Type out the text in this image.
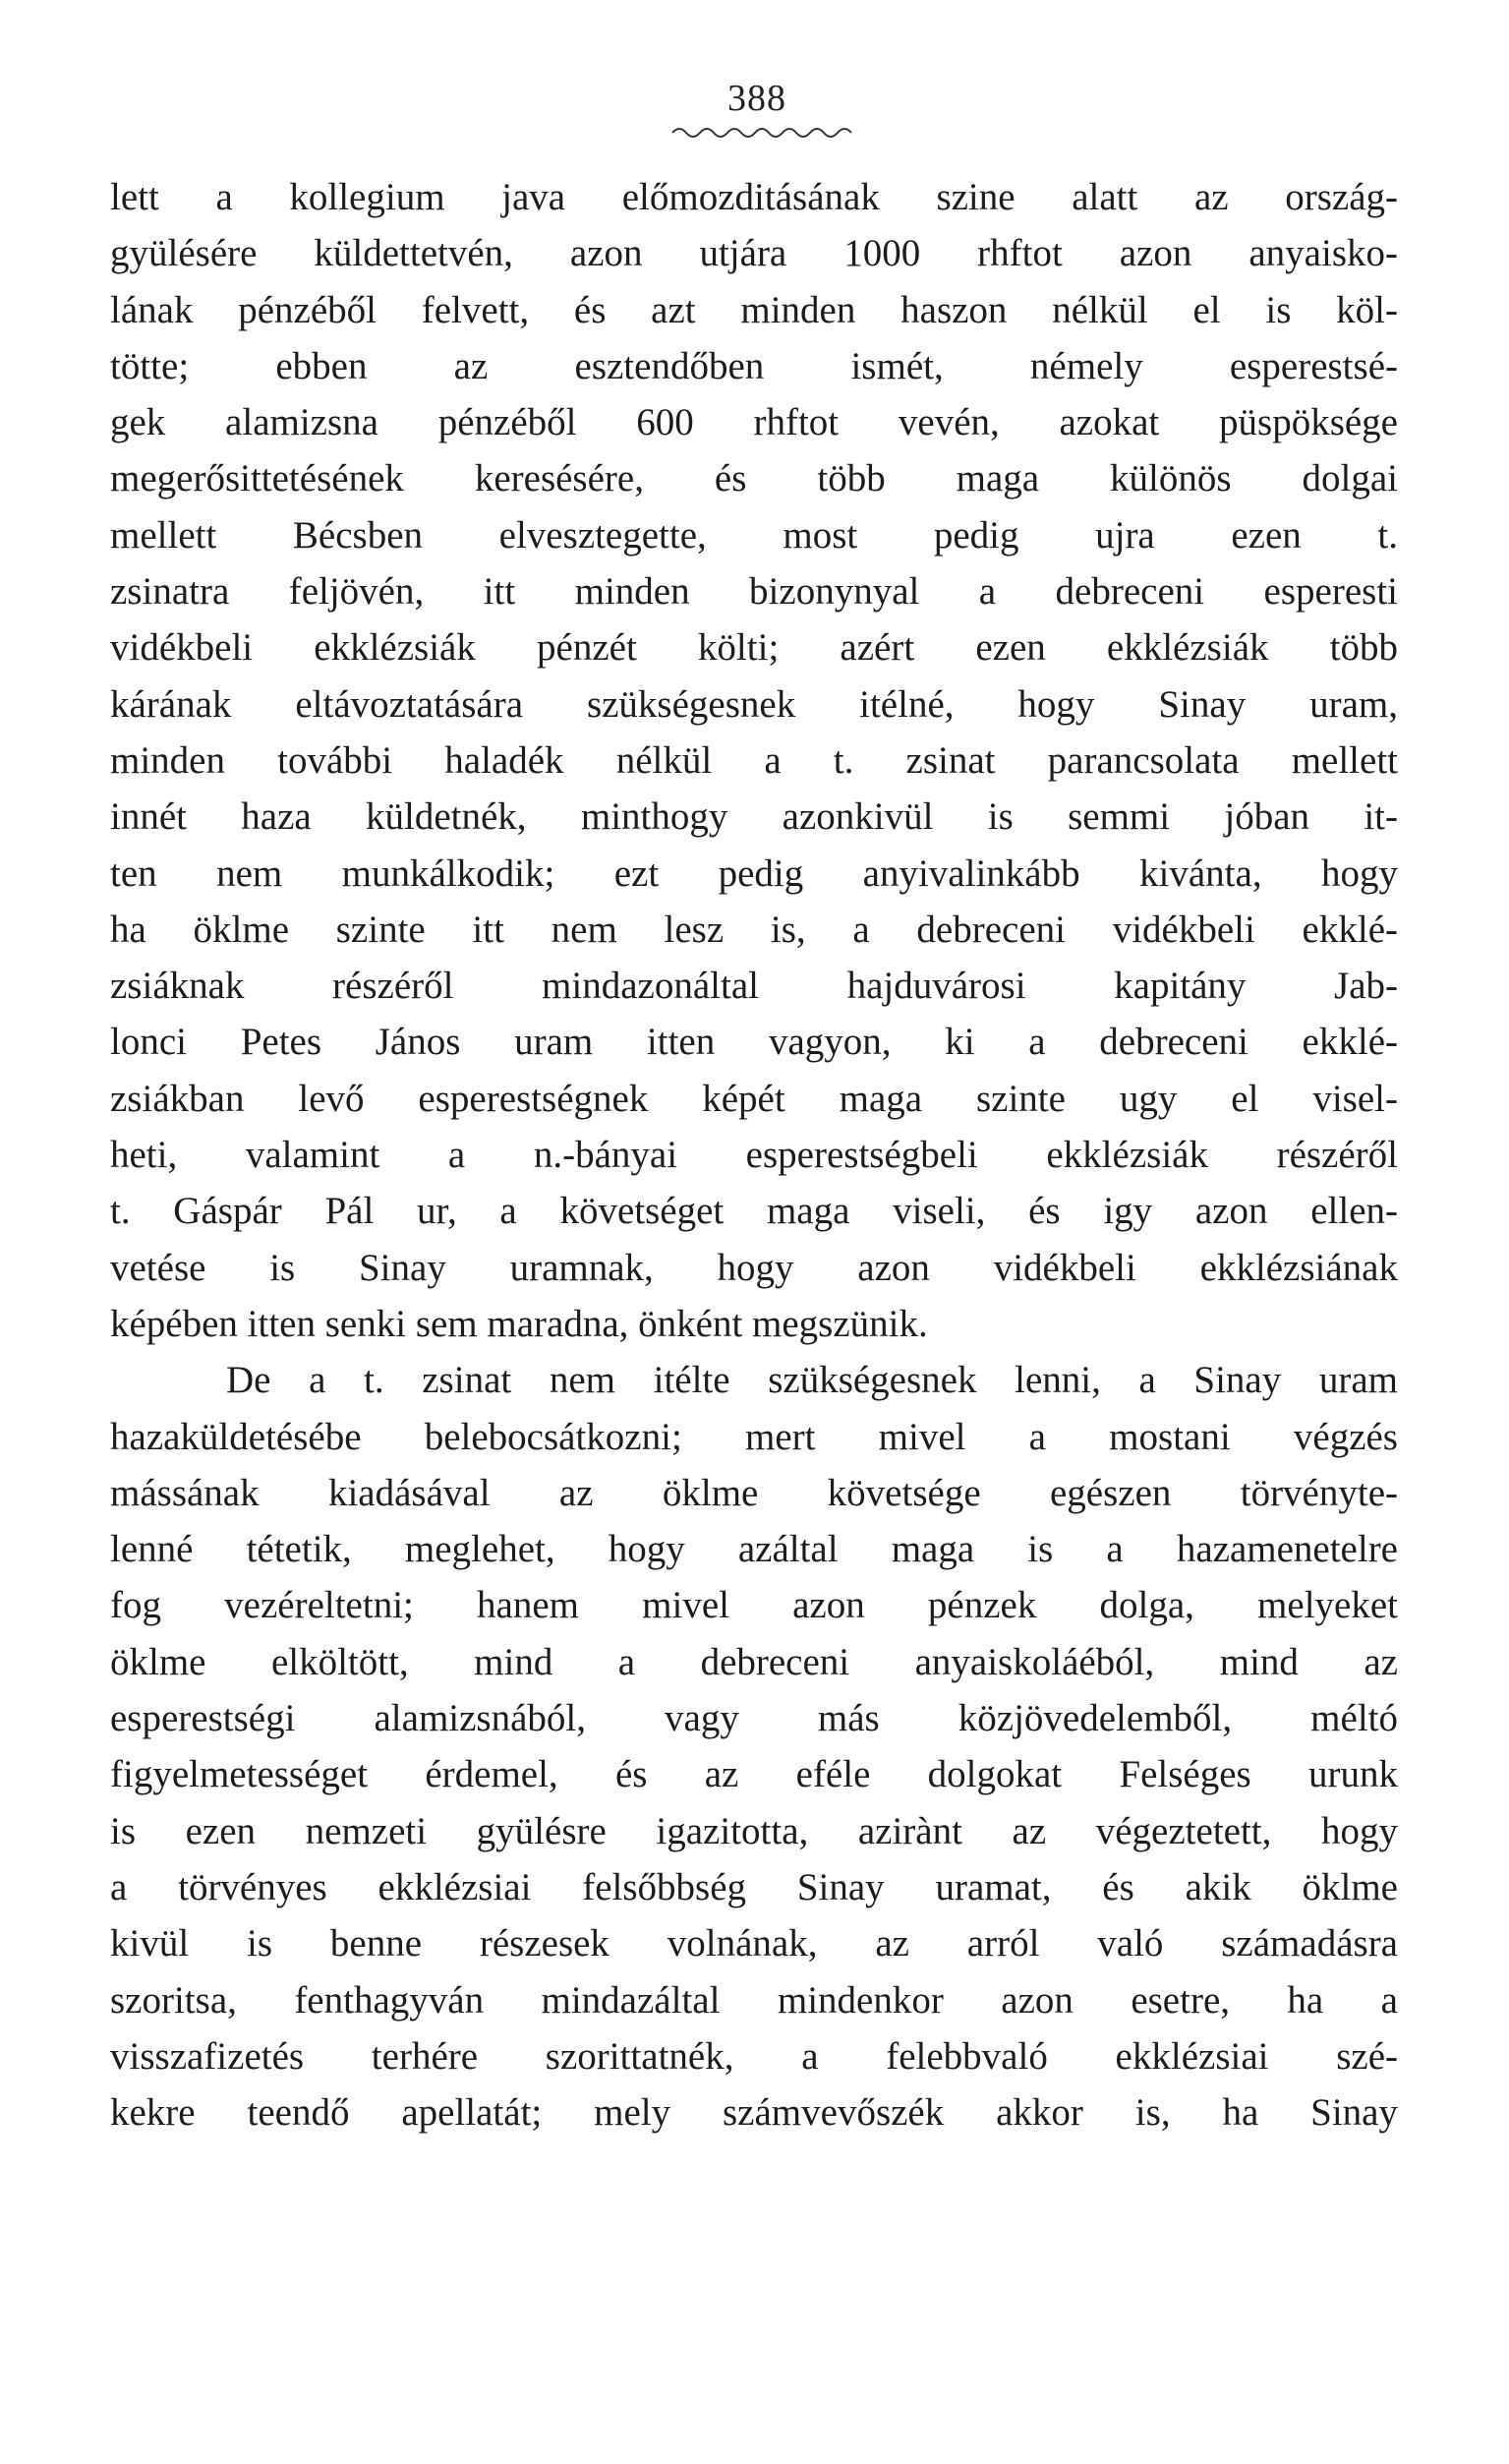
388
lett a kollegium java előmozditásának szine alatt az ország-
gyülésére küldettetvén, azon utjára 1000 rhftot azon anyaisko-
lának pénzéből felvett, és azt minden haszon nélkül el is köl-
tötte; ebben az esztendőben ismét, némely esperestsé-
gek alamizsna pénzéből 600 rhftot vevén, azokat püspöksége
megerősittetésének keresésére, és több maga különös dolgai
mellett Bécsben elvesztegette, most pedig ujra ezen t.
zsinatra feljövén, itt minden bizonynyal a debreceni esperesti
vidékbeli ekklézsiák pénzét költi; azért ezen ekklézsiák több
kárának eltávoztatására szükségesnek itélné, hogy Sinay uram,
minden további haladék nélkül a t. zsinat parancsolata mellett
innét haza küldetnék, minthogy azonkivül is semmi jóban it-
ten nem munkálkodik; ezt pedig anyivalinkább kivánta, hogy
ha öklme szinte itt nem lesz is, a debreceni vidékbeli ekklé-
zsiáknak részéről mindazonáltal hajduvárosi kapitány Jab-
lonci Petes János uram itten vagyon, ki a debreceni ekklé-
zsiákban levő esperestségnek képét maga szinte ugy el visel-
heti, valamint a n.-bányai esperestségbeli ekklézsiák részéről
t. Gáspár Pál ur, a követséget maga viseli, és igy azon ellen-
vetése is Sinay uramnak, hogy azon vidékbeli ekklézsiának
képében itten senki sem maradna, önként megszünik.
De a t. zsinat nem itélte szükségesnek lenni, a Sinay uram
hazaküldetésébe belebocsátkozni; mert mivel a mostani végzés
mássának kiadásával az öklme követsége egészen törvényte-
lenné tétetik, meglehet, hogy azáltal maga is a hazamenetelre
fog vezéreltetni; hanem mivel azon pénzek dolga, melyeket
öklme elköltött, mind a debreceni anyaiskoláéból, mind az
esperestségi alamizsnából, vagy más közjövedelemből, méltó
figyelmetességet érdemel, és az eféle dolgokat Felséges urunk
is ezen nemzeti gyülésre igazitotta, azirànt az végeztetett, hogy
a törvényes ekklézsiai felsőbbség Sinay uramat, és akik öklme
kivül is benne részesek volnának, az arról való számadásra
szoritsa, fenthagyván mindazáltal mindenkor azon esetre, ha a
visszafizetés terhére szorittatnék, a felebbvaló ekklézsiai szé-
kekre teendő apellatát; mely számvevőszék akkor is, ha Sinay
